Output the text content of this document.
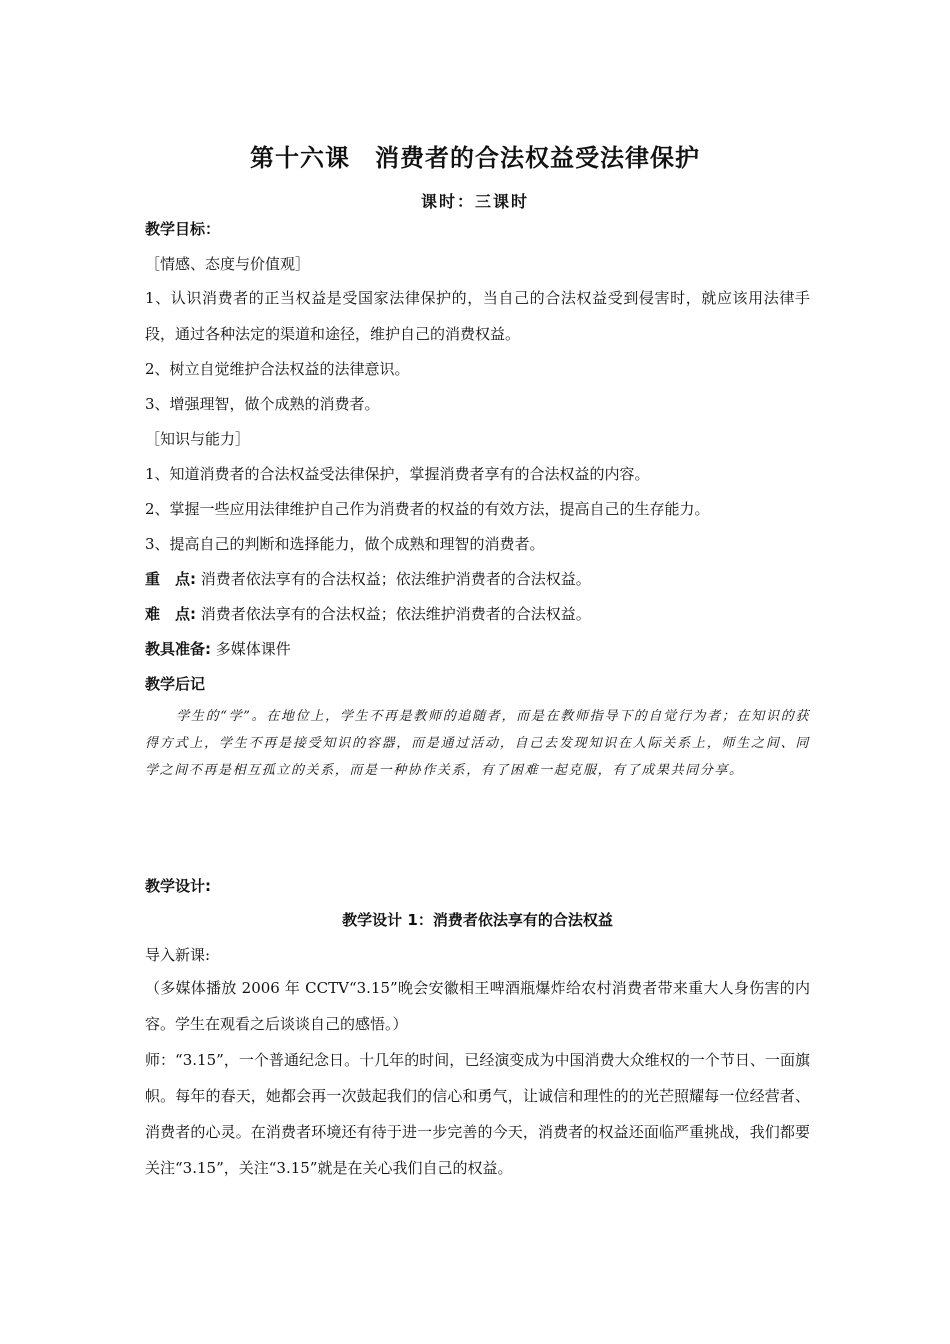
第十六课　消费者的合法权益受法律保护
课时：三课时
教学目标：
［情感、态度与价值观］
1、认识消费者的正当权益是受国家法律保护的，当自己的合法权益受到侵害时，就应该用法律手段，通过各种法定的渠道和途径，维护自己的消费权益。
2、树立自觉维护合法权益的法律意识。
3、增强理智，做个成熟的消费者。
［知识与能力］
1、知道消费者的合法权益受法律保护，掌握消费者享有的合法权益的内容。
2、掌握一些应用法律维护自己作为消费者的权益的有效方法，提高自己的生存能力。
3、提高自己的判断和选择能力，做个成熟和理智的消费者。
重　点: 消费者依法享有的合法权益；依法维护消费者的合法权益。
难　点: 消费者依法享有的合法权益；依法维护消费者的合法权益。
教具准备: 多媒体课件
教学后记
学生的“学”。在地位上，学生不再是教师的追随者，而是在教师指导下的自觉行为者；在知识的获得方式上，学生不再是接受知识的容器，而是通过活动，自己去发现知识在人际关系上，师生之间、同学之间不再是相互孤立的关系，而是一种协作关系，有了困难一起克服，有了成果共同分享。
教学设计:
教学设计 1：消费者依法享有的合法权益
导入新课:
（多媒体播放 2006 年 CCTV“3.15”晚会安徽相王啤酒瓶爆炸给农村消费者带来重大人身伤害的内容。学生在观看之后谈谈自己的感悟。）
师：“3.15”，一个普通纪念日。十几年的时间，已经演变成为中国消费大众维权的一个节日、一面旗帜。每年的春天，她都会再一次鼓起我们的信心和勇气，让诚信和理性的的光芒照耀每一位经营者、消费者的心灵。在消费者环境还有待于进一步完善的今天，消费者的权益还面临严重挑战，我们都要关注“3.15”，关注“3.15”就是在关心我们自己的权益。
